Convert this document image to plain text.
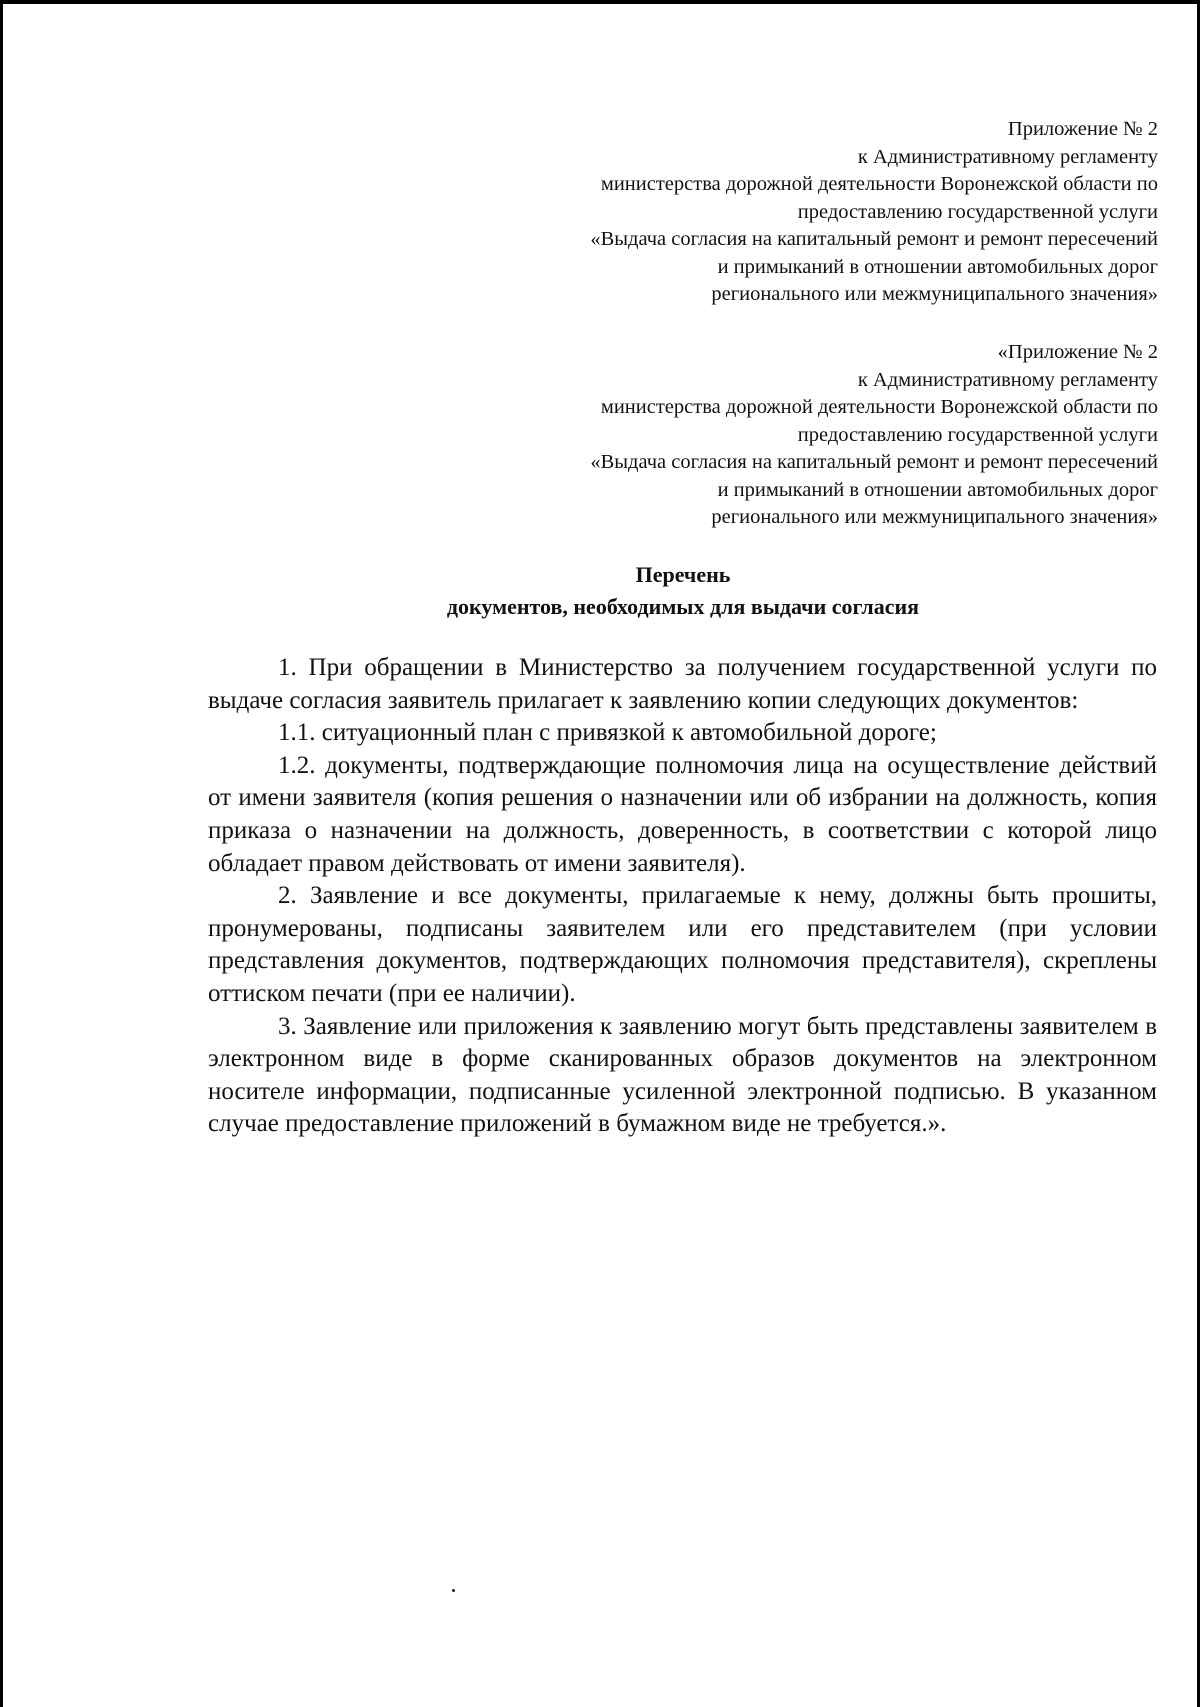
Приложение № 2
к Административному регламенту
министерства дорожной деятельности Воронежской области по
предоставлению государственной услуги
«Выдача согласия на капитальный ремонт и ремонт пересечений
и примыканий в отношении автомобильных дорог
регионального или межмуниципального значения»
«Приложение № 2
к Административному регламенту
министерства дорожной деятельности Воронежской области по
предоставлению государственной услуги
«Выдача согласия на капитальный ремонт и ремонт пересечений
и примыканий в отношении автомобильных дорог
регионального или межмуниципального значения»
Перечень
документов, необходимых для выдачи согласия

1. При обращении в Министерство за получением государственной услуги по выдаче согласия заявитель прилагает к заявлению копии следующих документов:

1.1. ситуационный план с привязкой к автомобильной дороге;

1.2. документы, подтверждающие полномочия лица на осуществление действий от имени заявителя (копия решения о назначении или об избрании на должность, копия приказа о назначении на должность, доверенность, в соответствии с которой лицо обладает правом действовать от имени заявителя).

2. Заявление и все документы, прилагаемые к нему, должны быть прошиты, пронумерованы, подписаны заявителем или его представителем (при условии представления документов, подтверждающих полномочия представителя), скреплены оттиском печати (при ее наличии).

3. Заявление или приложения к заявлению могут быть представлены заявителем в электронном виде в форме сканированных образов документов на электронном носителе информации, подписанные усиленной электронной подписью. В указанном случае предоставление приложений в бумажном виде не требуется.».
